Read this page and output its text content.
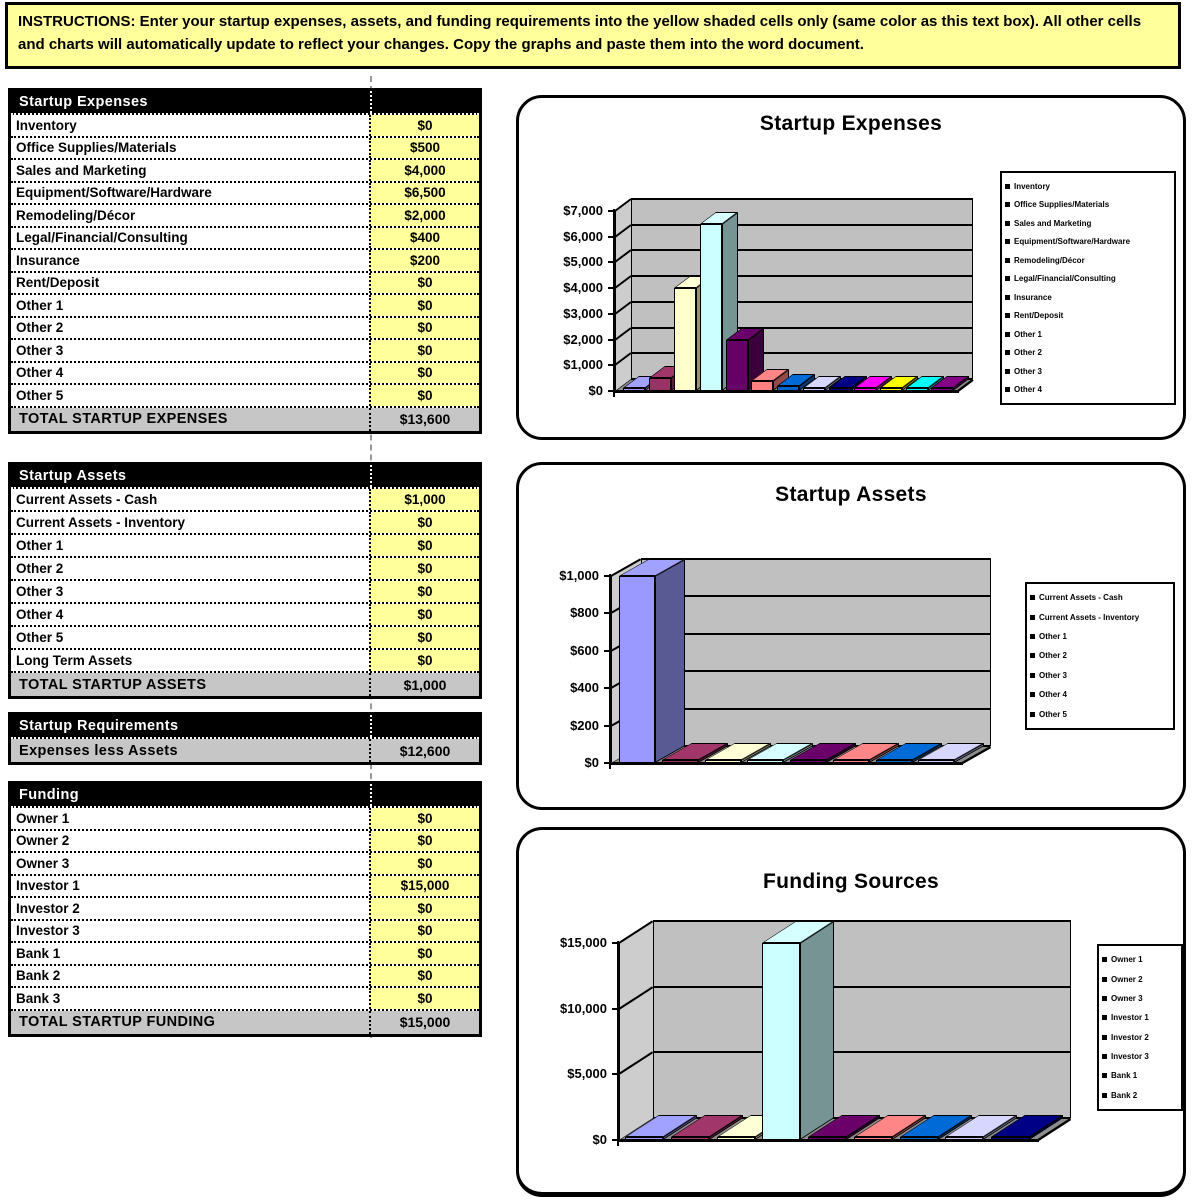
INSTRUCTIONS: Enter your startup expenses, assets, and funding requirements into the yellow shaded cells only (same color as this text box). All other cells and charts will automatically update to reflect your changes. Copy the graphs and paste them into the word document.
Startup Expenses
Inventory	$0
Office Supplies/Materials	$500
Sales and Marketing	$4,000
Equipment/Software/Hardware	$6,500
Remodeling/Décor	$2,000
Legal/Financial/Consulting	$400
Insurance	$200
Rent/Deposit	$0
Other 1	$0
Other 2	$0
Other 3	$0
Other 4	$0
Other 5	$0
TOTAL STARTUP EXPENSES	$13,600
Startup Assets
Current Assets - Cash	$1,000
Current Assets - Inventory	$0
Other 1	$0
Other 2	$0
Other 3	$0
Other 4	$0
Other 5	$0
Long Term Assets	$0
TOTAL STARTUP ASSETS	$1,000
Startup Requirements
Expenses less Assets	$12,600
Funding
Owner 1	$0
Owner 2	$0
Owner 3	$0
Investor 1	$15,000
Investor 2	$0
Investor 3	$0
Bank 1	$0
Bank 2	$0
Bank 3	$0
TOTAL STARTUP FUNDING	$15,000
Startup Expenses
$0
$1,000
$2,000
$3,000
$4,000
$5,000
$6,000
$7,000
Inventory
Office Supplies/Materials
Sales and Marketing
Equipment/Software/Hardware
Remodeling/Décor
Legal/Financial/Consulting
Insurance
Rent/Deposit
Other 1
Other 2
Other 3
Other 4
Startup Assets
$0
$200
$400
$600
$800
$1,000
Current Assets - Cash
Current Assets - Inventory
Other 1
Other 2
Other 3
Other 4
Other 5
Funding Sources
$0
$5,000
$10,000
$15,000
Owner 1
Owner 2
Owner 3
Investor 1
Investor 2
Investor 3
Bank 1
Bank 2
